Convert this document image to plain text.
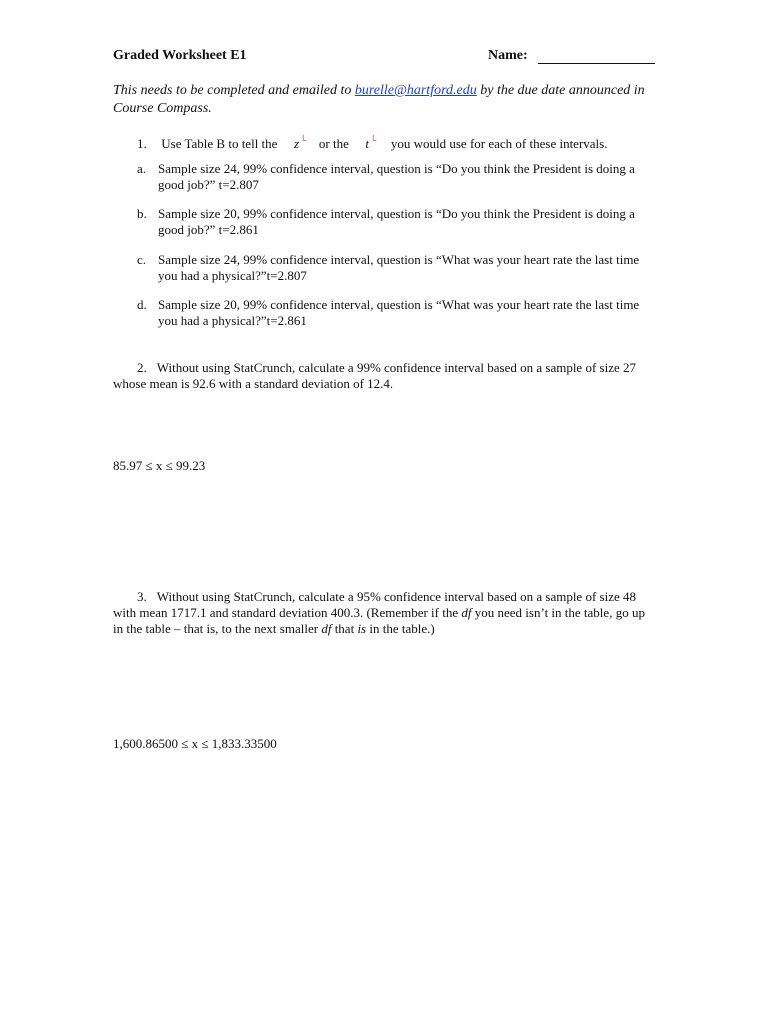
Graded Worksheet E1	Name:
This needs to be completed and emailed to burelle@hartford.edu by the due date announced in Course Compass.
1. Use Table B to tell the z└ or the t└ you would use for each of these intervals.
a. Sample size 24, 99% confidence interval, question is “Do you think the President is doing a good job?” t=2.807
b. Sample size 20, 99% confidence interval, question is “Do you think the President is doing a good job?” t=2.861
c. Sample size 24, 99% confidence interval, question is “What was your heart rate the last time you had a physical?”t=2.807
d. Sample size 20, 99% confidence interval, question is “What was your heart rate the last time you had a physical?”t=2.861
2. Without using StatCrunch, calculate a 99% confidence interval based on a sample of size 27 whose mean is 92.6 with a standard deviation of 12.4.
85.97 ≤ x ≤ 99.23
3. Without using StatCrunch, calculate a 95% confidence interval based on a sample of size 48 with mean 1717.1 and standard deviation 400.3. (Remember if the df you need isn’t in the table, go up in the table – that is, to the next smaller df that is in the table.)
1,600.86500 ≤ x ≤ 1,833.33500
